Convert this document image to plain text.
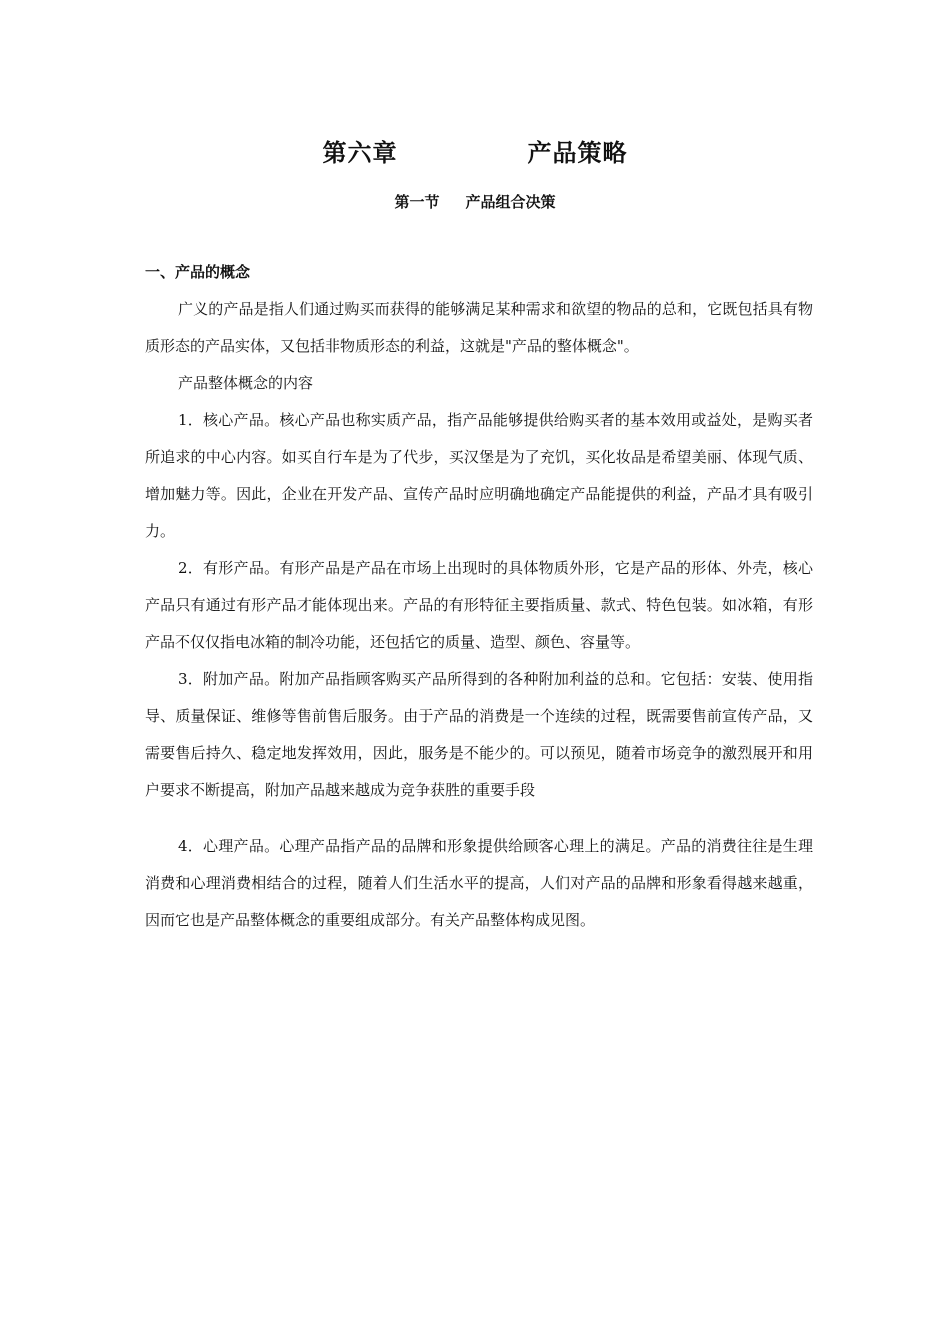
第六章	产品策略
第一节 产品组合决策
一、产品的概念

广义的产品是指人们通过购买而获得的能够满足某种需求和欲望的物品的总和，它既包括具有物质形态的产品实体，又包括非物质形态的利益，这就是"产品的整体概念"。

产品整体概念的内容

1．核心产品。核心产品也称实质产品，指产品能够提供给购买者的基本效用或益处，是购买者所追求的中心内容。如买自行车是为了代步，买汉堡是为了充饥，买化妆品是希望美丽、体现气质、增加魅力等。因此，企业在开发产品、宣传产品时应明确地确定产品能提供的利益，产品才具有吸引力。

2．有形产品。有形产品是产品在市场上出现时的具体物质外形，它是产品的形体、外壳，核心产品只有通过有形产品才能体现出来。产品的有形特征主要指质量、款式、特色包装。如冰箱，有形产品不仅仅指电冰箱的制冷功能，还包括它的质量、造型、颜色、容量等。

3．附加产品。附加产品指顾客购买产品所得到的各种附加利益的总和。它包括：安装、使用指导、质量保证、维修等售前售后服务。由于产品的消费是一个连续的过程，既需要售前宣传产品，又需要售后持久、稳定地发挥效用，因此，服务是不能少的。可以预见，随着市场竞争的激烈展开和用户要求不断提高，附加产品越来越成为竞争获胜的重要手段

4．心理产品。心理产品指产品的品牌和形象提供给顾客心理上的满足。产品的消费往往是生理消费和心理消费相结合的过程，随着人们生活水平的提高，人们对产品的品牌和形象看得越来越重，因而它也是产品整体概念的重要组成部分。有关产品整体构成见图。
